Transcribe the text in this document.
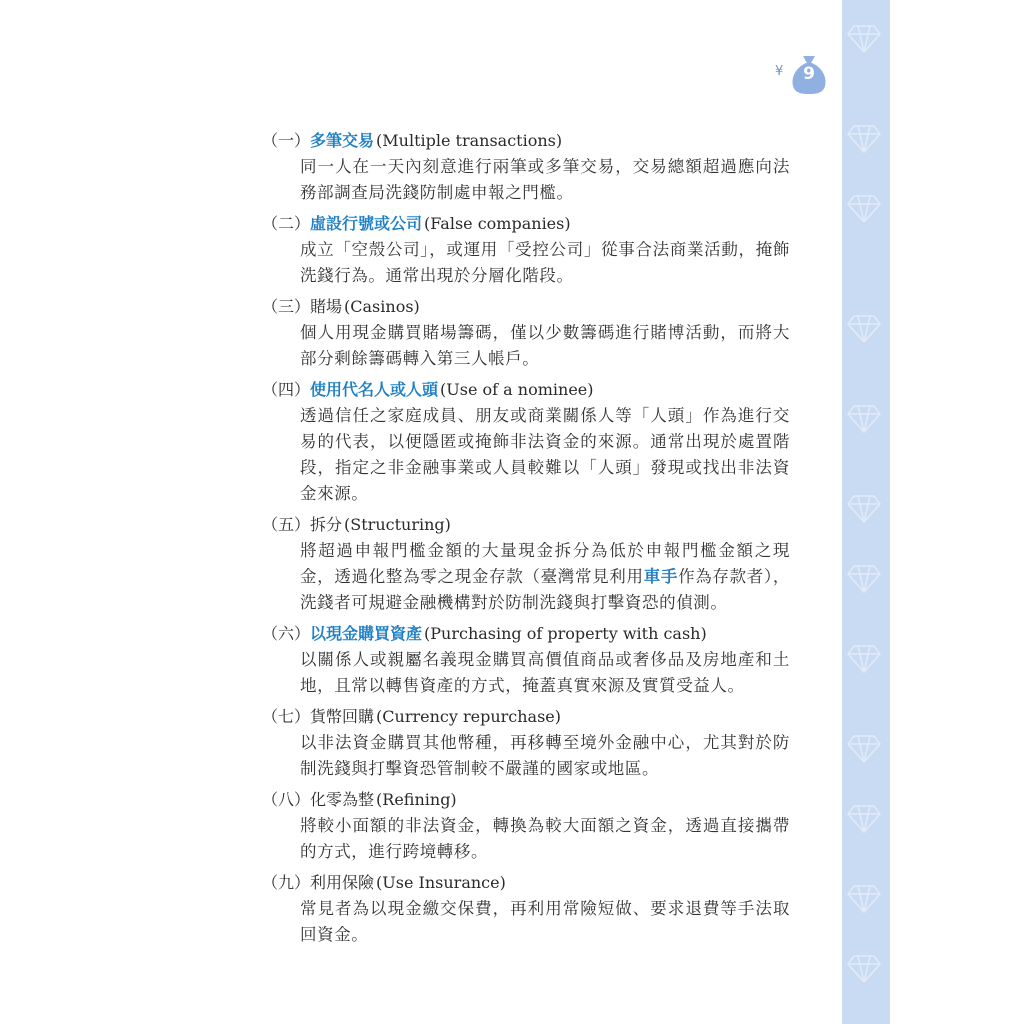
¥	9
（一）多筆交易 (Multiple transactions)
同一人在一天內刻意進行兩筆或多筆交易，交易總額超過應向法務部調查局洗錢防制處申報之門檻。
（二）虛設行號或公司 (False companies)
成立「空殼公司」，或運用「受控公司」從事合法商業活動，掩飾洗錢行為。通常出現於分層化階段。
（三）賭場 (Casinos)
個人用現金購買賭場籌碼，僅以少數籌碼進行賭博活動，而將大部分剩餘籌碼轉入第三人帳戶。
（四）使用代名人或人頭 (Use of a nominee)
透過信任之家庭成員、朋友或商業關係人等「人頭」作為進行交易的代表，以便隱匿或掩飾非法資金的來源。通常出現於處置階段，指定之非金融事業或人員較難以「人頭」發現或找出非法資金來源。
（五）拆分 (Structuring)
將超過申報門檻金額的大量現金拆分為低於申報門檻金額之現金，透過化整為零之現金存款（臺灣常見利用車手作為存款者），洗錢者可規避金融機構對於防制洗錢與打擊資恐的偵測。
（六）以現金購買資產 (Purchasing of property with cash)
以關係人或親屬名義現金購買高價值商品或奢侈品及房地產和土地，且常以轉售資產的方式，掩蓋真實來源及實質受益人。
（七）貨幣回購 (Currency repurchase)
以非法資金購買其他幣種，再移轉至境外金融中心，尤其對於防制洗錢與打擊資恐管制較不嚴謹的國家或地區。
（八）化零為整 (Refining)
將較小面額的非法資金，轉換為較大面額之資金，透過直接攜帶的方式，進行跨境轉移。
（九）利用保險 (Use Insurance)
常見者為以現金繳交保費，再利用常險短做、要求退費等手法取回資金。
